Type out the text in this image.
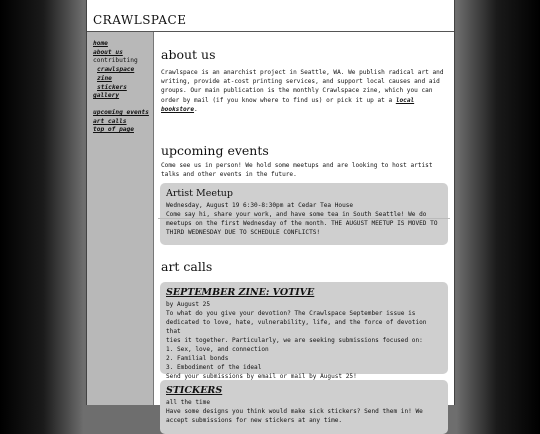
CRAWLSPACE
home
about us
contributing
crawlspace
zine
stickers
gallery
upcoming events
art calls
top of page
about us

Crawlspace is an anarchist project in Seattle, WA. We publish radical art and writing, provide at-cost printing services, and support local causes and aid groups. Our main publication is the monthly Crawlspace zine, which you can order by mail (if you know where to find us) or pick it up at a local bookstore.

upcoming events

Come see us in person! We hold some meetups and are looking to host artist talks and other events in the future.

Artist Meetup
Wednesday, August 19 6:30-8:30pm at Cedar Tea House
Come say hi, share your work, and have some tea in South Seattle! We do
meetups on the first Wednesday of the month. THE AUGUST MEETUP IS MOVED TO
THIRD WEDNESDAY DUE TO SCHEDULE CONFLICTS!
art calls
SEPTEMBER ZINE: VOTIVE
by August 25
To what do you give your devotion? The Crawlspace September issue is
dedicated to love, hate, vulnerability, life, and the force of devotion that
ties it together. Particularly, we are seeking submissions focused on:
1. Sex, love, and connection
2. Familial bonds
3. Embodiment of the ideal
Send your submissions by email or mail by August 25!
STICKERS
all the time
Have some designs you think would make sick stickers? Send them in! We
accept submissions for new stickers at any time.
